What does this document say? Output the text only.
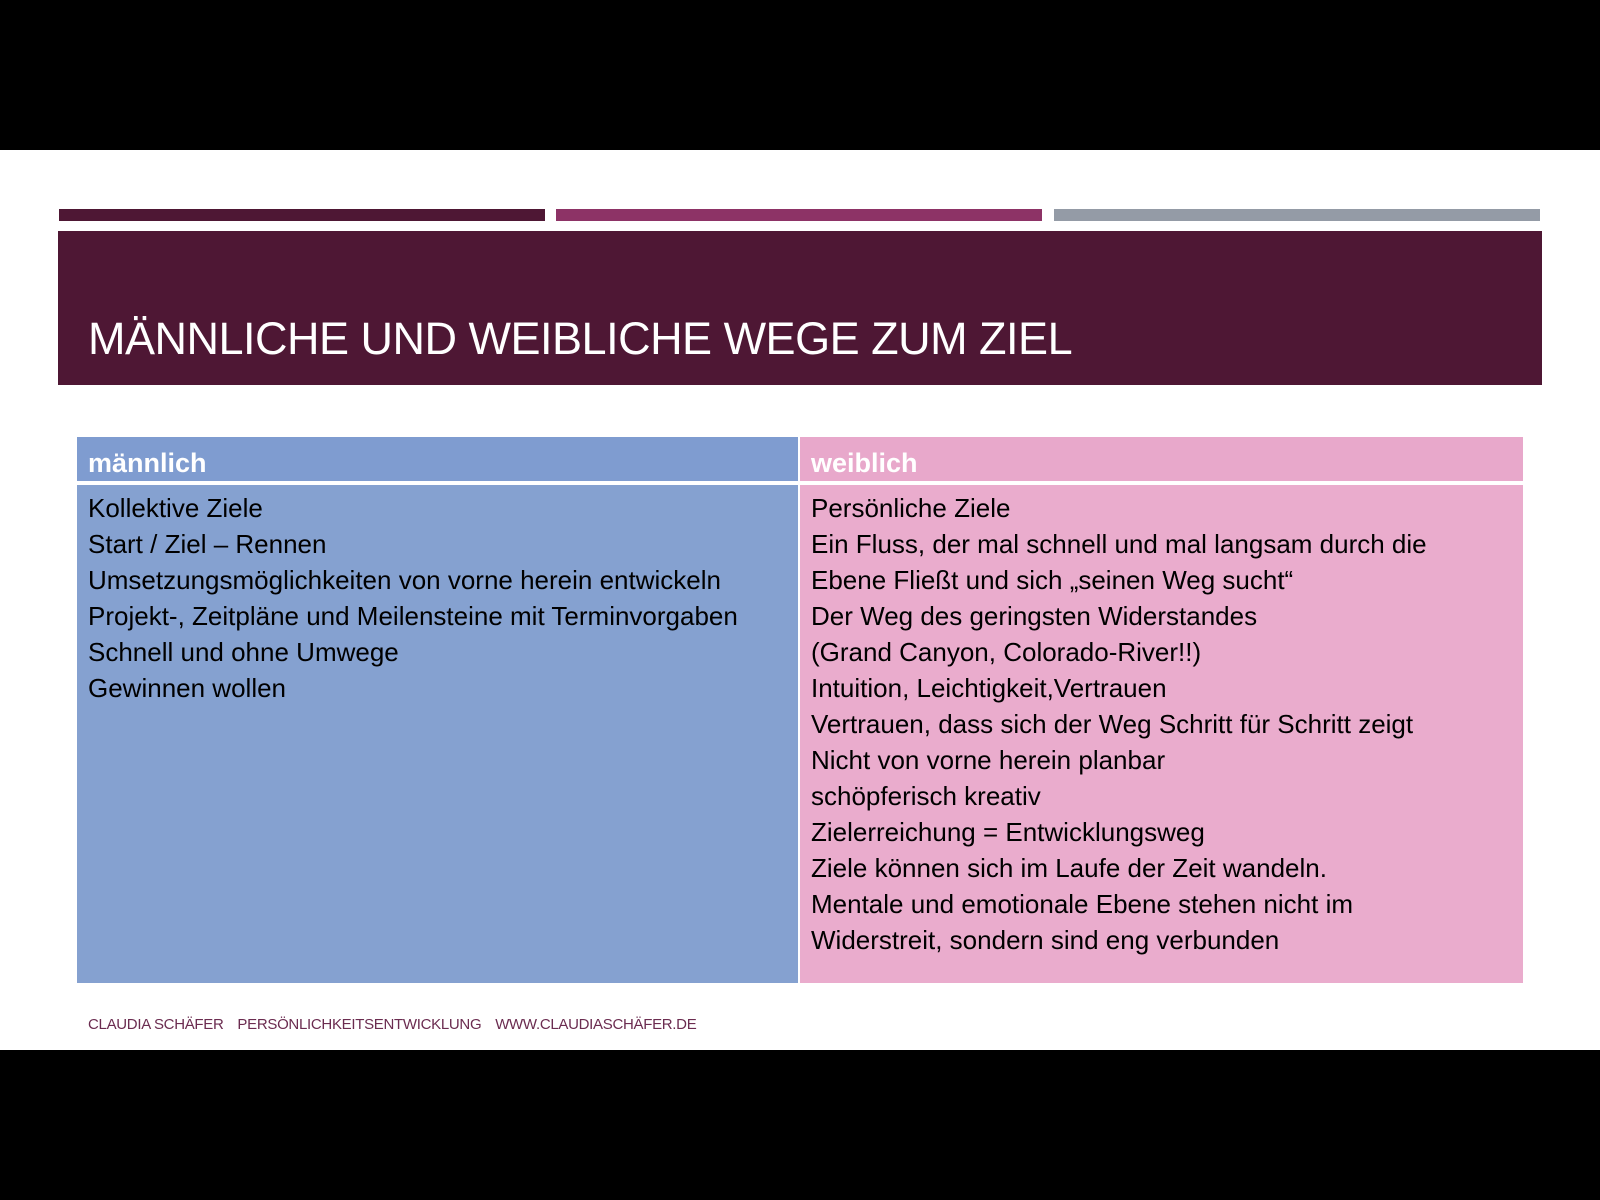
MÄNNLICHE UND WEIBLICHE WEGE ZUM ZIEL
männlich
Kollektive Ziele
Start / Ziel – Rennen
Umsetzungsmöglichkeiten von vorne herein entwickeln
Projekt-, Zeitpläne und Meilensteine mit Terminvorgaben
Schnell und ohne Umwege
Gewinnen wollen
weiblich
Persönliche Ziele
Ein Fluss, der mal schnell und mal langsam durch die
Ebene Fließt und sich „seinen Weg sucht“
Der Weg des geringsten Widerstandes
(Grand Canyon, Colorado-River!!)
Intuition, Leichtigkeit,Vertrauen
Vertrauen, dass sich der Weg Schritt für Schritt zeigt
Nicht von vorne herein planbar
schöpferisch kreativ
Zielerreichung = Entwicklungsweg
Ziele können sich im Laufe der Zeit wandeln.
Mentale und emotionale Ebene stehen nicht im
Widerstreit, sondern sind eng verbunden
CLAUDIA SCHÄFER PERSÖNLICHKEITSENTWICKLUNG WWW.CLAUDIASCHÄFER.DE
